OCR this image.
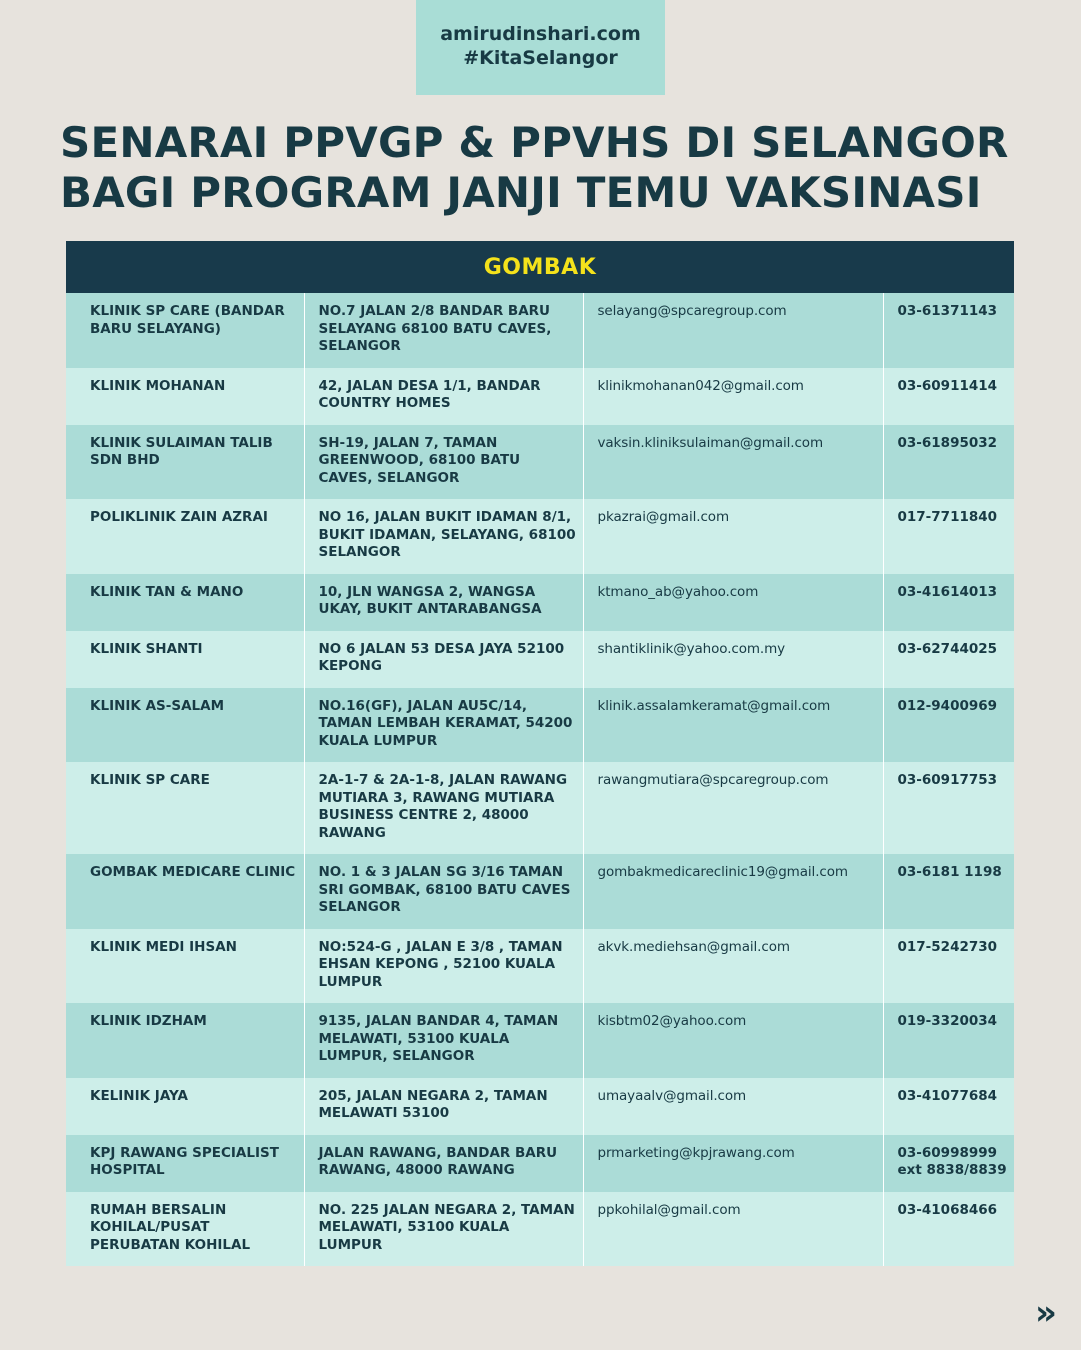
amirudinshari.com
#KitaSelangor
SENARAI PPVGP & PPVHS DI SELANGOR
BAGI PROGRAM JANJI TEMU VAKSINASI
GOMBAK
KLINIK SP CARE (BANDAR BARU SELAYANG)	NO.7 JALAN 2/8 BANDAR BARU SELAYANG 68100 BATU CAVES, SELANGOR	selayang@spcaregroup.com	03-61371143
KLINIK MOHANAN	42, JALAN DESA 1/1, BANDAR COUNTRY HOMES	klinikmohanan042@gmail.com	03-60911414
KLINIK SULAIMAN TALIB SDN BHD	SH-19, JALAN 7, TAMAN GREENWOOD, 68100 BATU CAVES, SELANGOR	vaksin.kliniksulaiman@gmail.com	03-61895032
POLIKLINIK ZAIN AZRAI	NO 16, JALAN BUKIT IDAMAN 8/1, BUKIT IDAMAN, SELAYANG, 68100 SELANGOR	pkazrai@gmail.com	017-7711840
KLINIK TAN & MANO	10, JLN WANGSA 2, WANGSA UKAY, BUKIT ANTARABANGSA	ktmano_ab@yahoo.com	03-41614013
KLINIK SHANTI	NO 6 JALAN 53 DESA JAYA 52100 KEPONG	shantiklinik@yahoo.com.my	03-62744025
KLINIK AS-SALAM	NO.16(GF), JALAN AU5C/14, TAMAN LEMBAH KERAMAT, 54200 KUALA LUMPUR	klinik.assalamkeramat@gmail.com	012-9400969
KLINIK SP CARE	2A-1-7 & 2A-1-8, JALAN RAWANG MUTIARA 3, RAWANG MUTIARA BUSINESS CENTRE 2, 48000 RAWANG	rawangmutiara@spcaregroup.com	03-60917753
GOMBAK MEDICARE CLINIC	NO. 1 & 3 JALAN SG 3/16 TAMAN SRI GOMBAK, 68100 BATU CAVES SELANGOR	gombakmedicareclinic19@gmail.com	03-6181 1198
KLINIK MEDI IHSAN	NO:524-G , JALAN E 3/8 , TAMAN EHSAN KEPONG , 52100 KUALA LUMPUR	akvk.mediehsan@gmail.com	017-5242730
KLINIK IDZHAM	9135, JALAN BANDAR 4, TAMAN MELAWATI, 53100 KUALA LUMPUR, SELANGOR	kisbtm02@yahoo.com	019-3320034
KELINIK JAYA	205, JALAN NEGARA 2, TAMAN MELAWATI 53100	umayaalv@gmail.com	03-41077684
KPJ RAWANG SPECIALIST HOSPITAL	JALAN RAWANG, BANDAR BARU RAWANG, 48000 RAWANG	prmarketing@kpjrawang.com	03-60998999 ext 8838/8839
RUMAH BERSALIN KOHILAL/PUSAT PERUBATAN KOHILAL	NO. 225 JALAN NEGARA 2, TAMAN MELAWATI, 53100 KUALA LUMPUR	ppkohilal@gmail.com	03-41068466
»
